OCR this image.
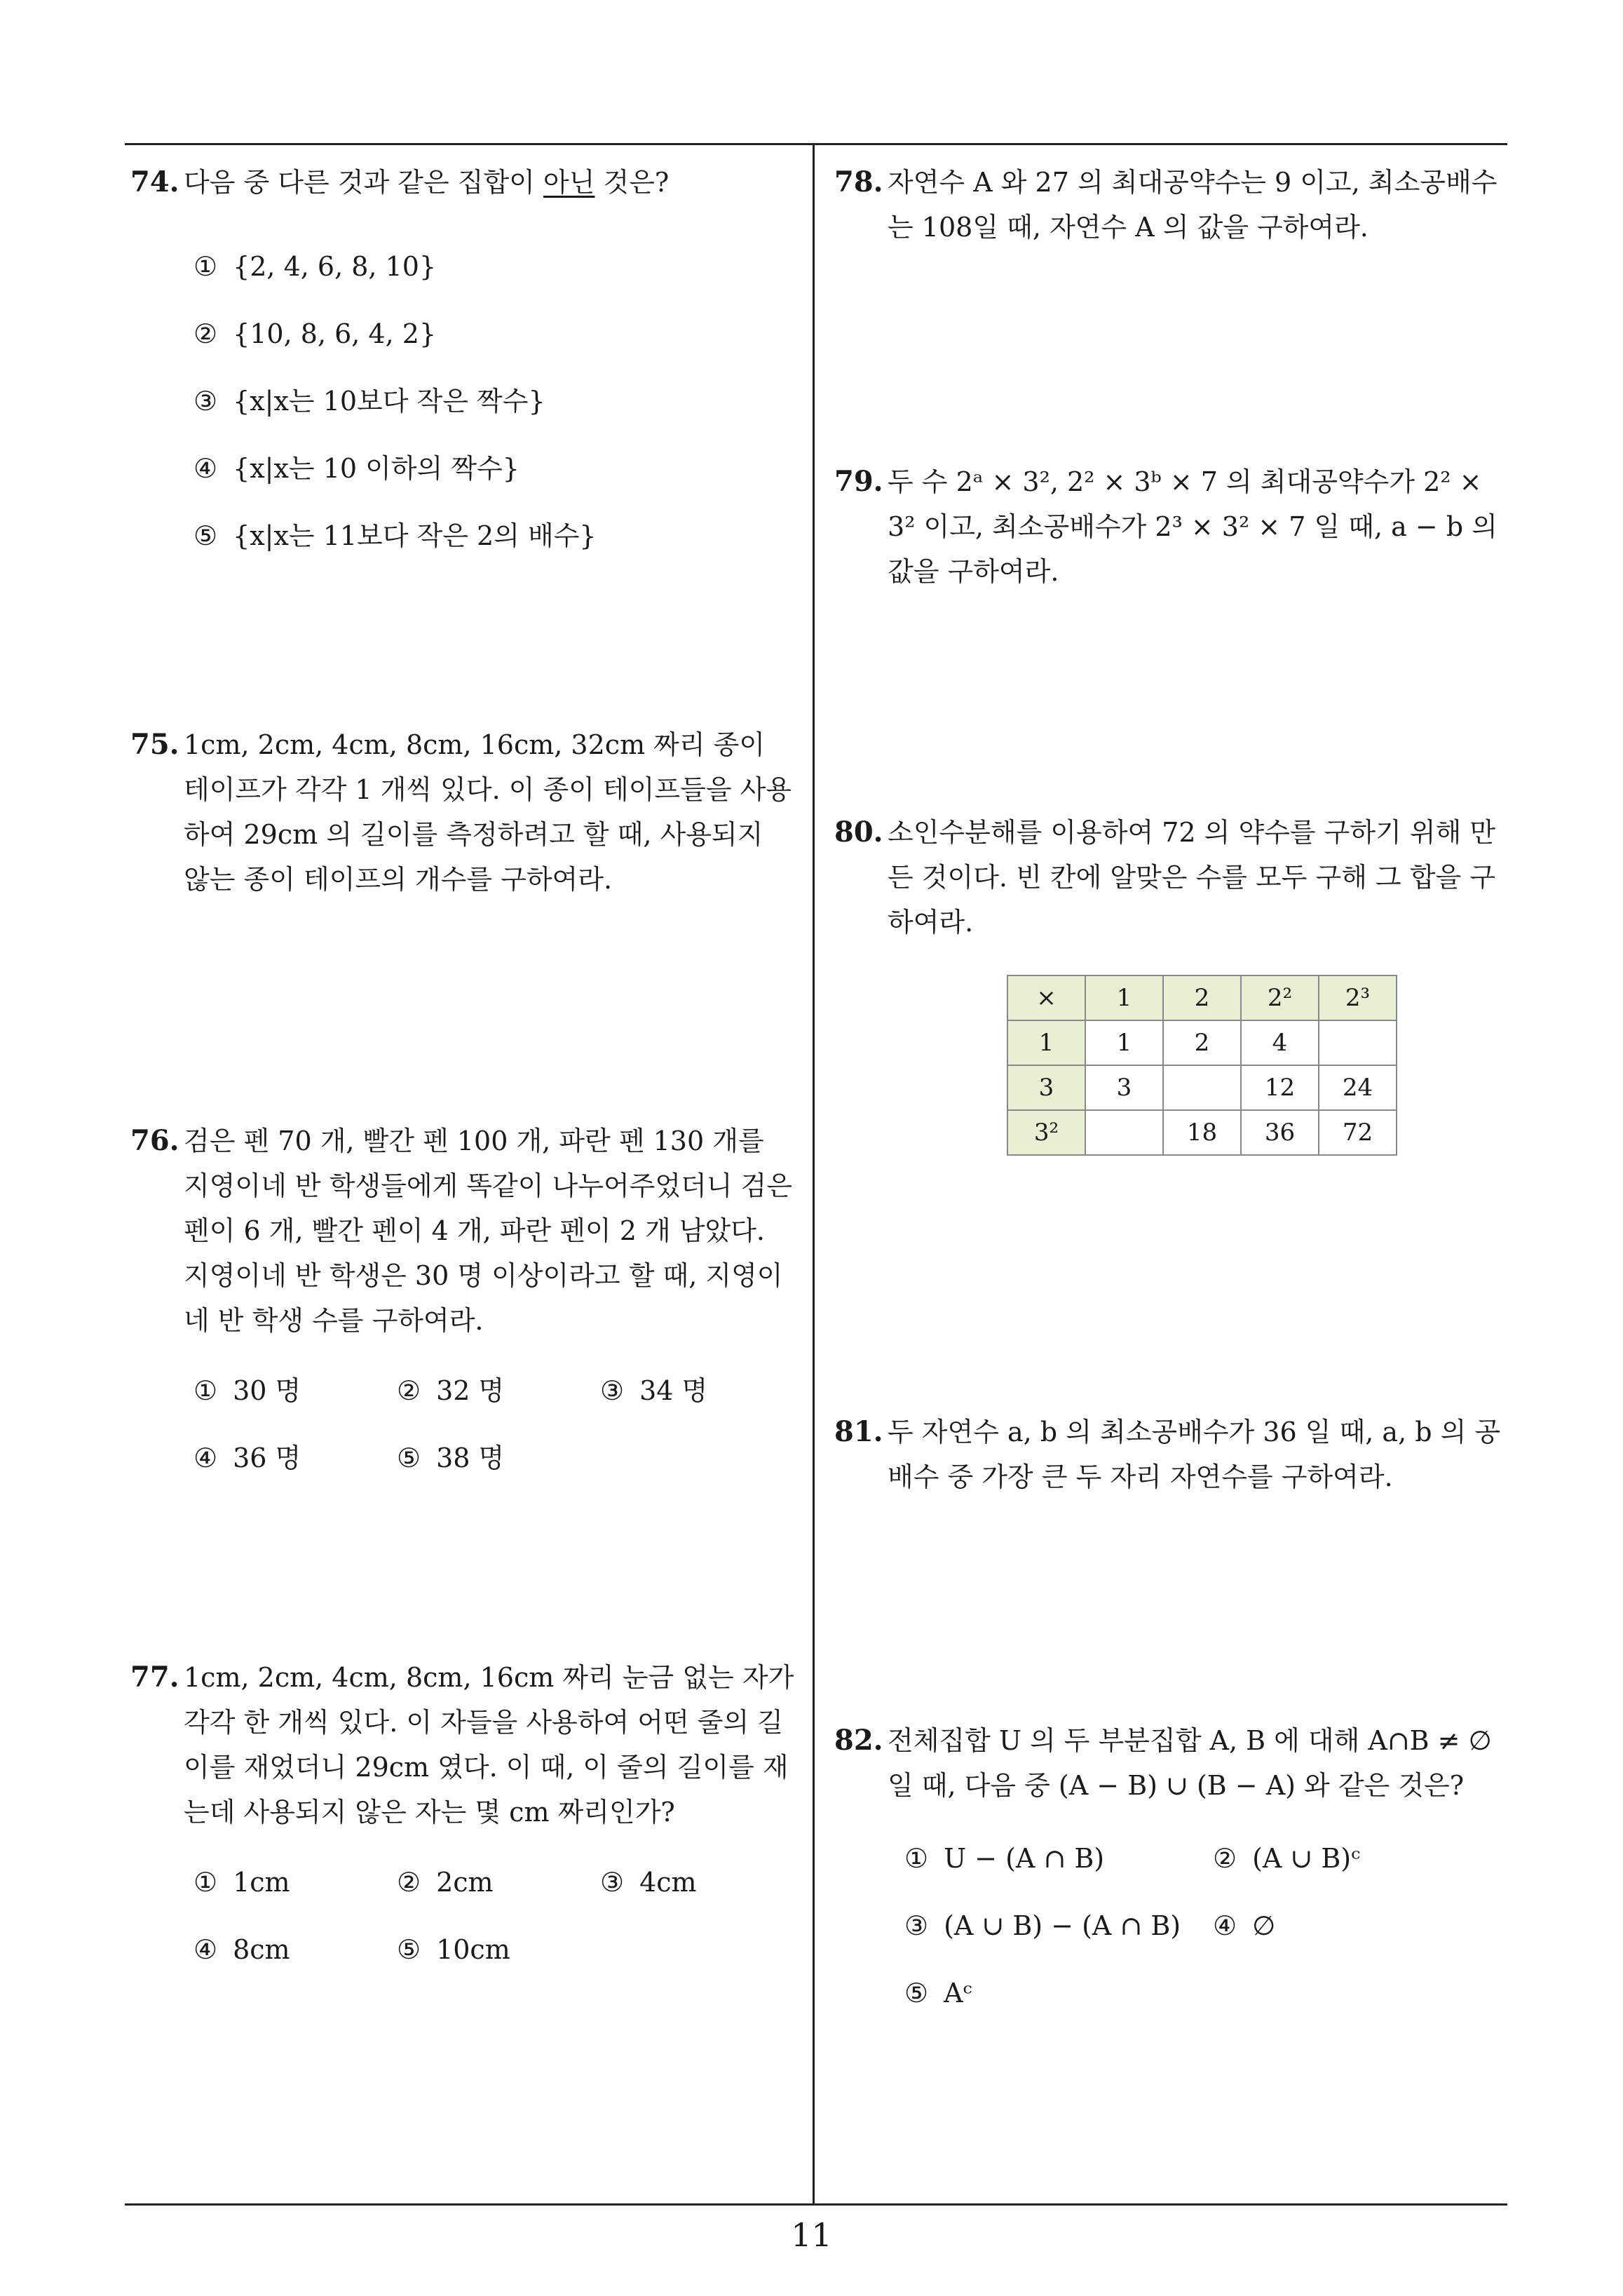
74. 다음 중 다른 것과 같은 집합이 아닌 것은?
① {2, 4, 6, 8, 10}
② {10, 8, 6, 4, 2}
③ {x|x는 10보다 작은 짝수}
④ {x|x는 10 이하의 짝수}
⑤ {x|x는 11보다 작은 2의 배수}
75. 1cm, 2cm, 4cm, 8cm, 16cm, 32cm 짜리 종이 테이프가 각각 1 개씩 있다. 이 종이 테이프들을 사용하여 29cm 의 길이를 측정하려고 할 때, 사용되지 않는 종이 테이프의 개수를 구하여라.
76. 검은 펜 70 개, 빨간 펜 100 개, 파란 펜 130 개를 지영이네 반 학생들에게 똑같이 나누어주었더니 검은 펜이 6 개, 빨간 펜이 4 개, 파란 펜이 2 개 남았다. 지영이네 반 학생은 30 명 이상이라고 할 때, 지영이네 반 학생 수를 구하여라.
① 30 명	② 32 명	③ 34 명
④ 36 명	⑤ 38 명
77. 1cm, 2cm, 4cm, 8cm, 16cm 짜리 눈금 없는 자가 각각 한 개씩 있다. 이 자들을 사용하여 어떤 줄의 길이를 재었더니 29cm 였다. 이 때, 이 줄의 길이를 재는데 사용되지 않은 자는 몇 cm 짜리인가?
① 1cm	② 2cm	③ 4cm
④ 8cm	⑤ 10cm
78. 자연수 A 와 27 의 최대공약수는 9 이고, 최소공배수는 108일 때, 자연수 A 의 값을 구하여라.
79. 두 수 2ᵃ × 3², 2² × 3ᵇ × 7 의 최대공약수가 2² × 3² 이고, 최소공배수가 2³ × 3² × 7 일 때, a − b 의 값을 구하여라.
80. 소인수분해를 이용하여 72 의 약수를 구하기 위해 만든 것이다. 빈 칸에 알맞은 수를 모두 구해 그 합을 구하여라.
×	1	2	2²	2³
1	1	2	4	
3	3		12	24
3²		18	36	72
81. 두 자연수 a, b 의 최소공배수가 36 일 때, a, b 의 공배수 중 가장 큰 두 자리 자연수를 구하여라.
82. 전체집합 U 의 두 부분집합 A, B 에 대해 A∩B ≠ ∅ 일 때, 다음 중 (A − B) ∪ (B − A) 와 같은 것은?
① U − (A ∩ B)	② (A ∪ B)ᶜ
③ (A ∪ B) − (A ∩ B)	④ ∅
⑤ Aᶜ
11
